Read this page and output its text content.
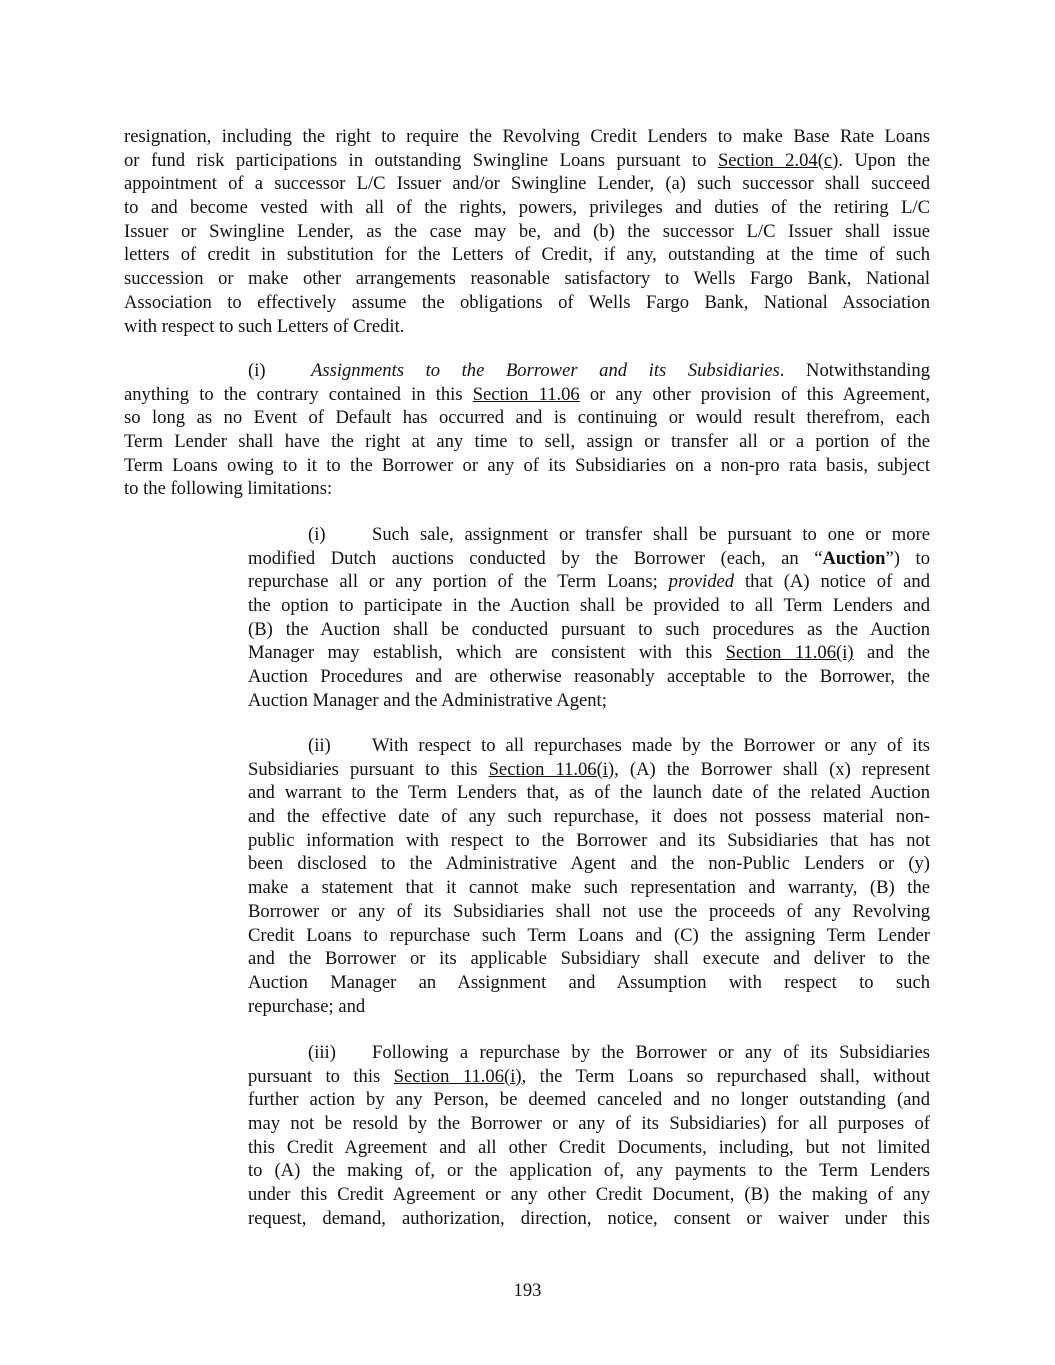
resignation, including the right to require the Revolving Credit Lenders to make Base Rate Loans
or fund risk participations in outstanding Swingline Loans pursuant to Section 2.04(c). Upon the
appointment of a successor L/C Issuer and/or Swingline Lender, (a) such successor shall succeed
to and become vested with all of the rights, powers, privileges and duties of the retiring L/C
Issuer or Swingline Lender, as the case may be, and (b) the successor L/C Issuer shall issue
letters of credit in substitution for the Letters of Credit, if any, outstanding at the time of such
succession or make other arrangements reasonable satisfactory to Wells Fargo Bank, National
Association to effectively assume the obligations of Wells Fargo Bank, National Association
with respect to such Letters of Credit.
(i) Assignments to the Borrower and its Subsidiaries. Notwithstanding
anything to the contrary contained in this Section 11.06 or any other provision of this Agreement,
so long as no Event of Default has occurred and is continuing or would result therefrom, each
Term Lender shall have the right at any time to sell, assign or transfer all or a portion of the
Term Loans owing to it to the Borrower or any of its Subsidiaries on a non-pro rata basis, subject
to the following limitations:
(i) Such sale, assignment or transfer shall be pursuant to one or more
modified Dutch auctions conducted by the Borrower (each, an “Auction”) to
repurchase all or any portion of the Term Loans; provided that (A) notice of and
the option to participate in the Auction shall be provided to all Term Lenders and
(B) the Auction shall be conducted pursuant to such procedures as the Auction
Manager may establish, which are consistent with this Section 11.06(i) and the
Auction Procedures and are otherwise reasonably acceptable to the Borrower, the
Auction Manager and the Administrative Agent;
(ii) With respect to all repurchases made by the Borrower or any of its
Subsidiaries pursuant to this Section 11.06(i), (A) the Borrower shall (x) represent
and warrant to the Term Lenders that, as of the launch date of the related Auction
and the effective date of any such repurchase, it does not possess material non-
public information with respect to the Borrower and its Subsidiaries that has not
been disclosed to the Administrative Agent and the non-Public Lenders or (y)
make a statement that it cannot make such representation and warranty, (B) the
Borrower or any of its Subsidiaries shall not use the proceeds of any Revolving
Credit Loans to repurchase such Term Loans and (C) the assigning Term Lender
and the Borrower or its applicable Subsidiary shall execute and deliver to the
Auction Manager an Assignment and Assumption with respect to such
repurchase; and
(iii) Following a repurchase by the Borrower or any of its Subsidiaries
pursuant to this Section 11.06(i), the Term Loans so repurchased shall, without
further action by any Person, be deemed canceled and no longer outstanding (and
may not be resold by the Borrower or any of its Subsidiaries) for all purposes of
this Credit Agreement and all other Credit Documents, including, but not limited
to (A) the making of, or the application of, any payments to the Term Lenders
under this Credit Agreement or any other Credit Document, (B) the making of any
request, demand, authorization, direction, notice, consent or waiver under this
193
